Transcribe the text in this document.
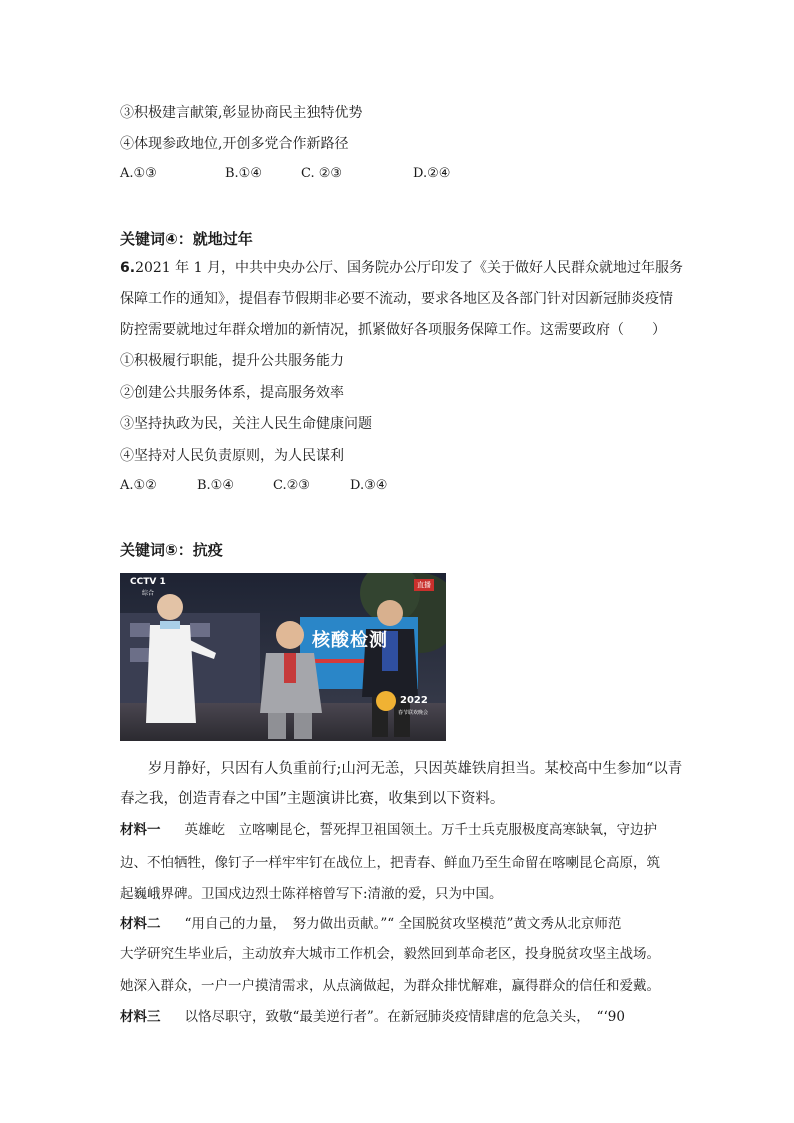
③积极建言献策,彰显协商民主独特优势
④体现参政地位,开创多党合作新路径
A.①③	B.①④	C. ②③	D.②④
关键词④：就地过年
6.2021 年 1 月，中共中央办公厅、国务院办公厅印发了《关于做好人民群众就地过年服务
保障工作的通知》，提倡春节假期非必要不流动，要求各地区及各部门针对因新冠肺炎疫情
防控需要就地过年群众增加的新情况，抓紧做好各项服务保障工作。这需要政府（　　）
①积极履行职能，提升公共服务能力
②创建公共服务体系，提高服务效率
③坚持执政为民，关注人民生命健康问题
④坚持对人民负责原则，为人民谋利
A.①②	B.①④	C.②③	D.③④
关键词⑤：抗疫
CCTV 1
综合
直播
核酸检测
2022
春节联欢晚会
岁月静好，只因有人负重前行;山河无恙，只因英雄铁肩担当。某校高中生参加“以青
春之我，创造青春之中国”主题演讲比赛，收集到以下资料。
材料一 英雄屹　立喀喇昆仑，誓死捍卫祖国领土。万千士兵克服极度高寒缺氧，守边护
边、不怕牺牲，像钉子一样牢牢钉在战位上，把青春、鲜血乃至生命留在喀喇昆仑高原，筑
起巍峨界碑。卫国戍边烈士陈祥榕曾写下:清澈的爱，只为中国。
材料二 “用自己的力量，　努力做出贡献。”“ 全国脱贫攻坚模范”黄文秀从北京师范
大学研究生毕业后，主动放弃大城市工作机会，毅然回到革命老区，投身脱贫攻坚主战场。
她深入群众，一户一户摸清需求，从点滴做起，为群众排忧解难，赢得群众的信任和爱戴。
材料三 以恪尽职守，致敬“最美逆行者”。在新冠肺炎疫情肆虐的危急关头，　“‘90
